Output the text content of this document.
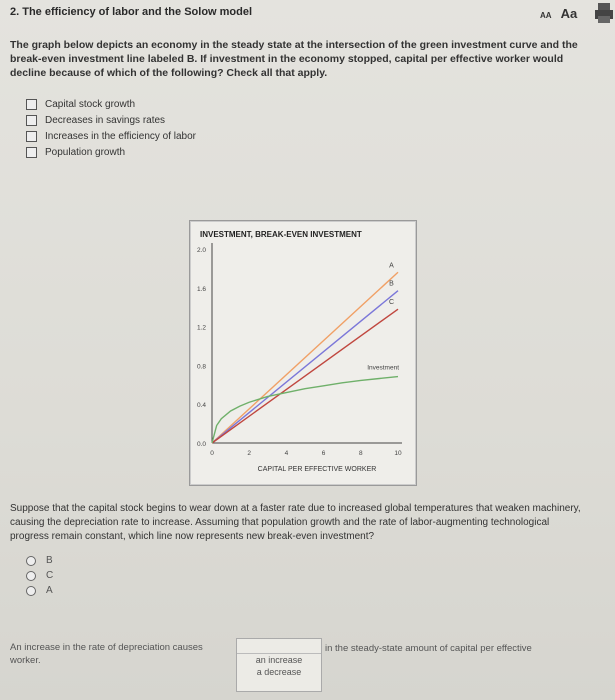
2. The efficiency of labor and the Solow model	AA Aa
The graph below depicts an economy in the steady state at the intersection of the green investment curve and the break-even investment line labeled B. If investment in the economy stopped, capital per effective worker would decline because of which of the following? Check all that apply.
Capital stock growth
Decreases in savings rates
Increases in the efficiency of labor
Population growth
INVESTMENT, BREAK-EVEN INVESTMENT
0.0
0.4
0.8
1.2
1.6
2.0
0	2	4	6	8	10
CAPITAL PER EFFECTIVE WORKER
A
B
C
Investment
Suppose that the capital stock begins to wear down at a faster rate due to increased global temperatures that weaken machinery, causing the depreciation rate to increase. Assuming that population growth and the rate of labor-augmenting technological progress remain constant, which line now represents new break-even investment?
B
C
A
An increase in the rate of depreciation causes worker.	an increase
a decrease
in the steady-state amount of capital per effective
